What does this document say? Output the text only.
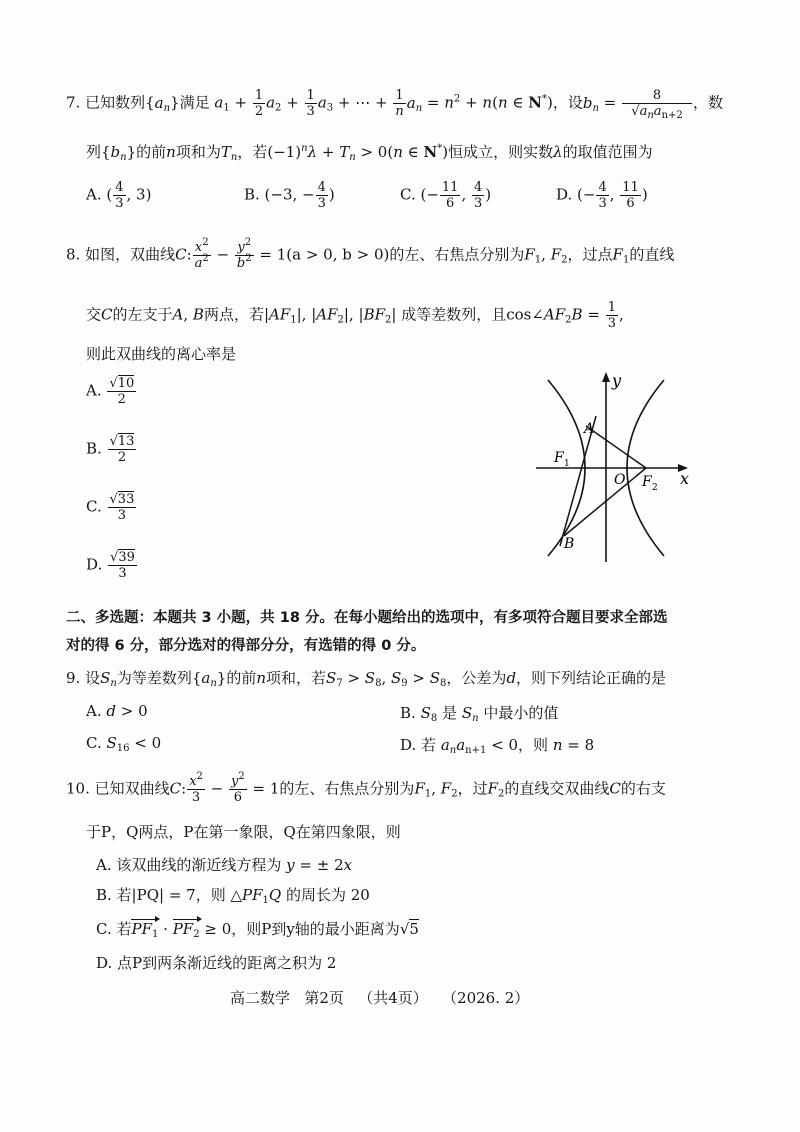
7. 已知数列$\{a_n\}$满足 $a_1 + \frac{1}{2} a_2 + \frac{1}{3} a_3$ + ⋯ + $\frac{1}{n} a_n = n^2 + n(n$ ∈ N*)，设$b_n = \frac{8}{√a_na_{n+2}}$ ，数
列$\{b_n\}$的前n项和为$T_n$，若$(-1)^n\lambda + T_n > 0(n$ ∈ N*)恒成立，则实数λ的取值范围为
A. ( $\frac{4}{3}$ , 3)	B. (−3, − $\frac{4}{3}$ )	C. (− $\frac{11}{6}$ , $\frac{4}{3}$ )	D. (− $\frac{4}{3}$ , $\frac{11}{6}$ )
8. 如图，双曲线C: $\frac{x^2}{a^2} - \frac{y^2}{b^2} = 1(a > 0$, b > 0)的左、右焦点分别为$F_1$, $F_2$，过点$F_1$的直线
交C的左支于A, B两点，若$|AF_1|$, $|AF_2|$, $|BF_2|$ 成等差数列，且$\cos\angle AF_2B = \frac{1}{3}$ ,
则此双曲线的离心率是
A. $\frac{√10}{2}$
B. $\frac{√13}{2}$
C. $\frac{√33}{3}$
D. $\frac{√39}{3}$
y
x
A
B
F 1
F 2
O
二、多选题：本题共 3 小题，共 18 分。在每小题给出的选项中，有多项符合题目要求全部选
对的得 6 分，部分选对的得部分分，有选错的得 0 分。
9. 设$S_n$为等差数列$\{a_n\}$的前n项和，若$S_7 > S_8$, $S_9 > S_8$，公差为d，则下列结论正确的是
A. d > 0	B. $S_8$ 是 $S_n$ 中最小的值
C. $S_{16} < 0$	D. 若 $a_na_{n+1} < 0$，则 n = 8
10. 已知双曲线C: $\frac{x^2}{3} - \frac{y^2}{6} = 1$的左、右焦点分别为$F_1$, $F_2$，过$F_2$的直线交双曲线C的右支
于P，Q两点，P在第一象限，Q在第四象限，则
A. 该双曲线的渐近线方程为 y = ± 2x
B. 若|PQ| = 7，则 $\triangle PF_1Q$ 的周长为 20
C. 若$PF_1 \cdot PF_2 \ge 0$，则P到y轴的最小距离为√5
D. 点P到两条渐近线的距离之积为 2
高二数学 第2页 （共4页） （2026. 2）
